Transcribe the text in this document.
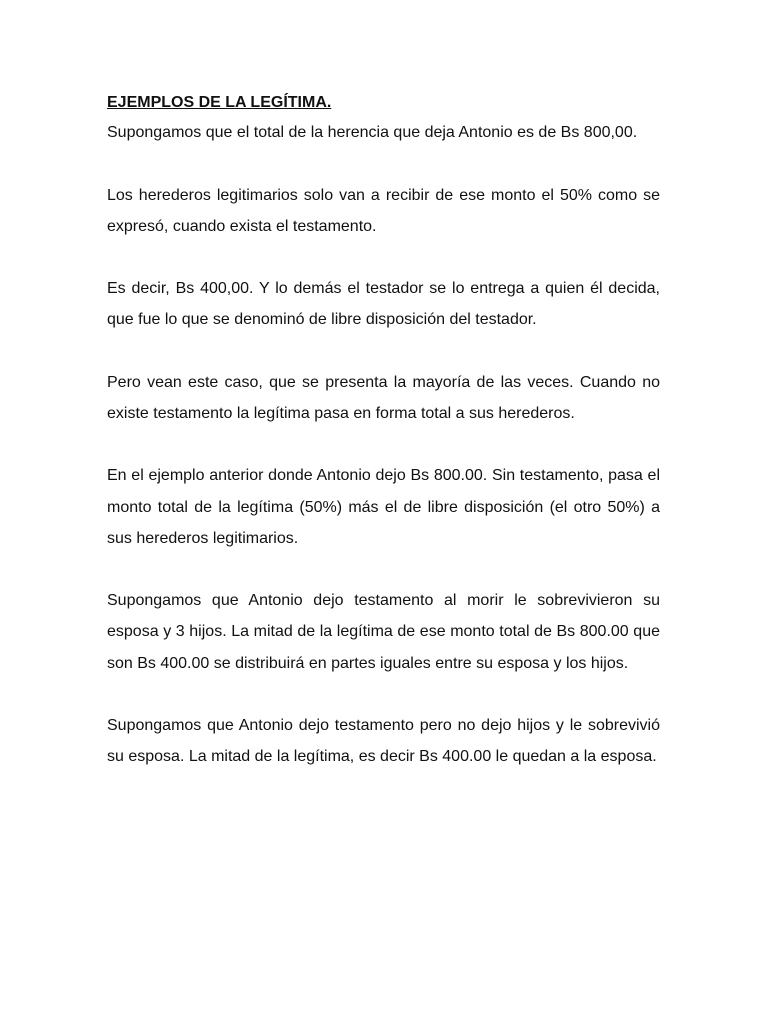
EJEMPLOS DE LA LEGÍTIMA.

Supongamos que el total de la herencia que deja Antonio es de Bs 800,00.

Los herederos legitimarios solo van a recibir de ese monto el 50% como se expresó, cuando exista el testamento.

Es decir, Bs 400,00. Y lo demás el testador se lo entrega a quien él decida, que fue lo que se denominó de libre disposición del testador.

Pero vean este caso, que se presenta la mayoría de las veces. Cuando no existe testamento la legítima pasa en forma total a sus herederos.

En el ejemplo anterior donde Antonio dejo Bs 800.00. Sin testamento, pasa el monto total de la legítima (50%) más el de libre disposición (el otro 50%) a sus herederos legitimarios.

Supongamos que Antonio dejo testamento al morir le sobrevivieron su esposa y 3 hijos. La mitad de la legítima de ese monto total de Bs 800.00 que son Bs 400.00 se distribuirá en partes iguales entre su esposa y los hijos.

Supongamos que Antonio dejo testamento pero no dejo hijos y le sobrevivió su esposa. La mitad de la legítima, es decir Bs 400.00 le quedan a la esposa.
